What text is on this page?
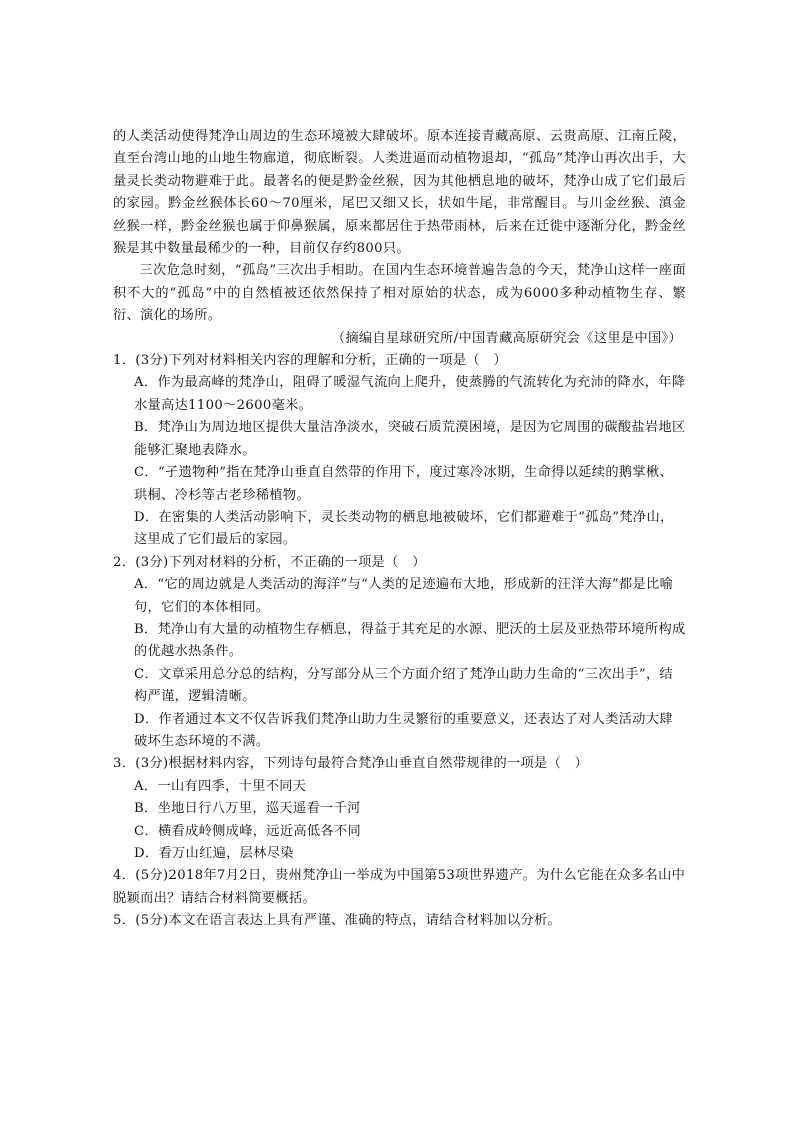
的人类活动使得梵净山周边的生态环境被大肆破坏。原本连接青藏高原、云贵高原、江南丘陵，直至台湾山地的山地生物廊道，彻底断裂。人类进逼而动植物退却，“孤岛”梵净山再次出手，大量灵长类动物避难于此。最著名的便是黔金丝猴，因为其他栖息地的破坏，梵净山成了它们最后的家园。黔金丝猴体长60～70厘米，尾巴又细又长，状如牛尾，非常醒目。与川金丝猴、滇金丝猴一样，黔金丝猴也属于仰鼻猴属，原来都居住于热带雨林，后来在迁徙中逐渐分化，黔金丝猴是其中数量最稀少的一种，目前仅存约800只。

三次危急时刻，“孤岛”三次出手相助。在国内生态环境普遍告急的今天，梵净山这样一座面积不大的“孤岛”中的自然植被还依然保持了相对原始的状态，成为6000多种动植物生存、繁衍、演化的场所。

（摘编自星球研究所/中国青藏高原研究会《这里是中国》）

1．(3分)下列对材料相关内容的理解和分析，正确的一项是（　）

A．作为最高峰的梵净山，阻碍了暖湿气流向上爬升，使蒸腾的气流转化为充沛的降水，年降水量高达1100～2600毫米。

B．梵净山为周边地区提供大量洁净淡水，突破石质荒漠困境，是因为它周围的碳酸盐岩地区能够汇聚地表降水。

C．“孑遗物种”指在梵净山垂直自然带的作用下，度过寒冷冰期，生命得以延续的鹅掌楸、珙桐、冷杉等古老珍稀植物。

D．在密集的人类活动影响下，灵长类动物的栖息地被破坏，它们都避难于“孤岛”梵净山，这里成了它们最后的家园。

2．(3分)下列对材料的分析，不正确的一项是（　）

A．“它的周边就是人类活动的海洋”与“人类的足迹遍布大地，形成新的汪洋大海”都是比喻句，它们的本体相同。

B．梵净山有大量的动植物生存栖息，得益于其充足的水源、肥沃的土层及亚热带环境所构成的优越水热条件。

C．文章采用总分总的结构，分写部分从三个方面介绍了梵净山助力生命的“三次出手”，结构严谨，逻辑清晰。

D．作者通过本文不仅告诉我们梵净山助力生灵繁衍的重要意义，还表达了对人类活动大肆破坏生态环境的不满。

3．(3分)根据材料内容，下列诗句最符合梵净山垂直自然带规律的一项是（　）

A．一山有四季，十里不同天

B．坐地日行八万里，巡天遥看一千河

C．横看成岭侧成峰，远近高低各不同

D．看万山红遍，层林尽染

4．(5分)2018年7月2日，贵州梵净山一举成为中国第53项世界遗产。为什么它能在众多名山中脱颖而出？请结合材料简要概括。

5．(5分)本文在语言表达上具有严谨、准确的特点，请结合材料加以分析。
